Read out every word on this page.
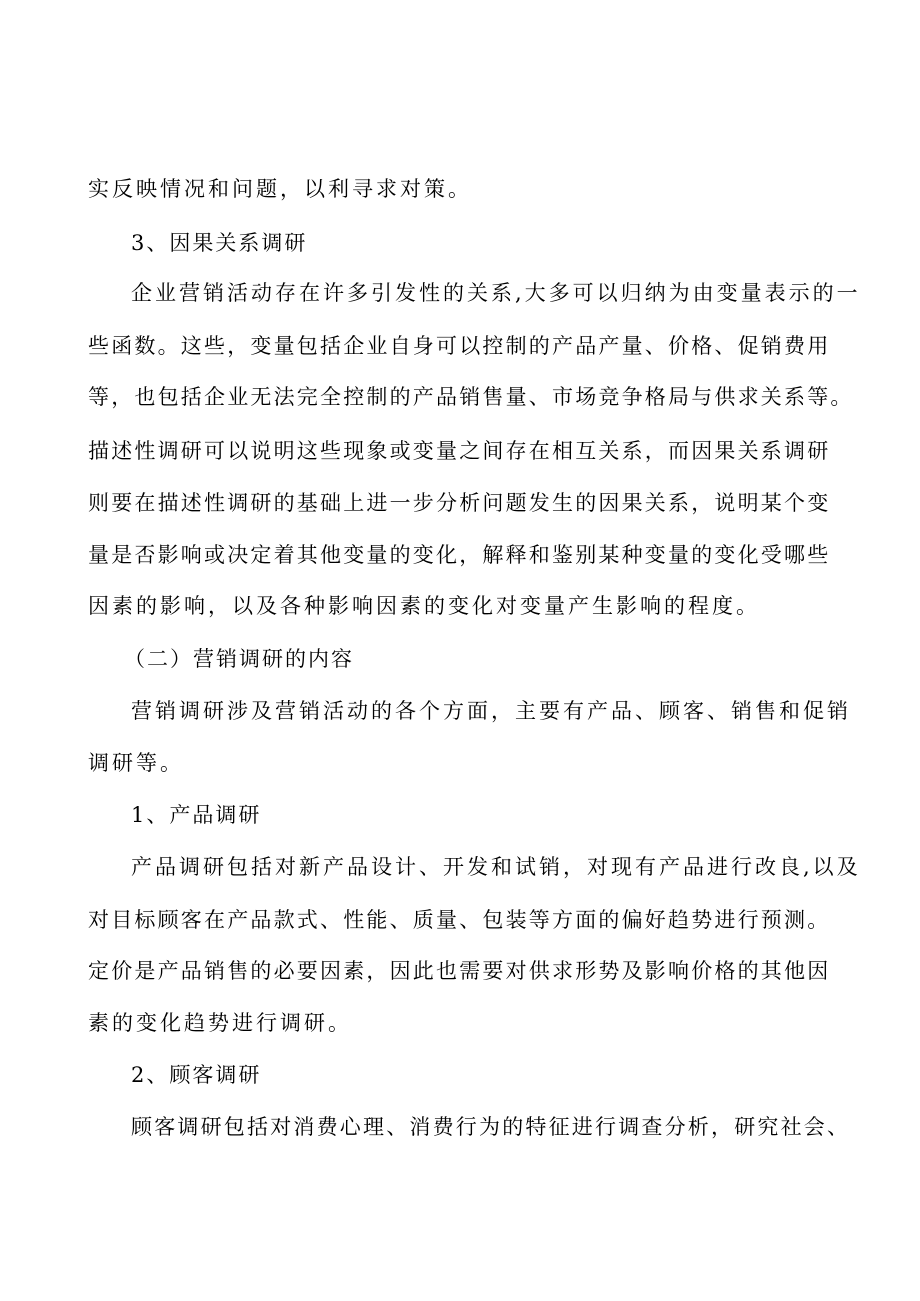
实反映情况和问题，以利寻求对策。
3、因果关系调研
企业营销活动存在许多引发性的关系,大多可以归纳为由变量表示的一
些函数。这些，变量包括企业自身可以控制的产品产量、价格、促销费用
等，也包括企业无法完全控制的产品销售量、市场竞争格局与供求关系等。
描述性调研可以说明这些现象或变量之间存在相互关系，而因果关系调研
则要在描述性调研的基础上进一步分析问题发生的因果关系，说明某个变
量是否影响或决定着其他变量的变化，解释和鉴别某种变量的变化受哪些
因素的影响，以及各种影响因素的变化对变量产生影响的程度。
（二）营销调研的内容
营销调研涉及营销活动的各个方面，主要有产品、顾客、销售和促销
调研等。
1、产品调研
产品调研包括对新产品设计、开发和试销，对现有产品进行改良,以及
对目标顾客在产品款式、性能、质量、包装等方面的偏好趋势进行预测。
定价是产品销售的必要因素，因此也需要对供求形势及影响价格的其他因
素的变化趋势进行调研。
2、顾客调研
顾客调研包括对消费心理、消费行为的特征进行调查分析，研究社会、
